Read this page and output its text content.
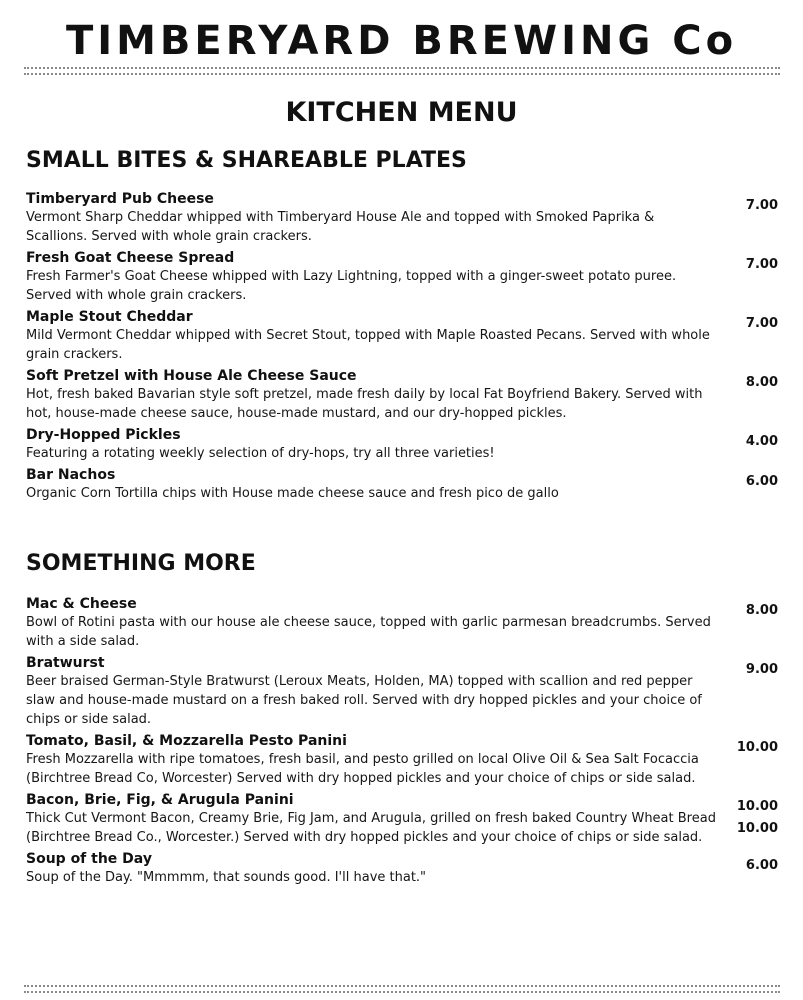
TIMBERYARD BREWING Co
KITCHEN MENU
SMALL BITES & SHAREABLE PLATES
Timberyard Pub Cheese
Vermont Sharp Cheddar whipped with Timberyard House Ale and topped with Smoked Paprika & Scallions. Served with whole grain crackers.
7.00
Fresh Goat Cheese Spread
Fresh Farmer's Goat Cheese whipped with Lazy Lightning, topped with a ginger-sweet potato puree. Served with whole grain crackers.
7.00
Maple Stout Cheddar
Mild Vermont Cheddar whipped with Secret Stout, topped with Maple Roasted Pecans. Served with whole grain crackers.
7.00
Soft Pretzel with House Ale Cheese Sauce
Hot, fresh baked Bavarian style soft pretzel, made fresh daily by local Fat Boyfriend Bakery. Served with hot, house-made cheese sauce, house-made mustard, and our dry-hopped pickles.
8.00
Dry-Hopped Pickles
Featuring a rotating weekly selection of dry-hops, try all three varieties!
4.00
Bar Nachos
Organic Corn Tortilla chips with House made cheese sauce and fresh pico de gallo
6.00
SOMETHING MORE
Mac & Cheese
Bowl of Rotini pasta with our house ale cheese sauce, topped with garlic parmesan breadcrumbs. Served with a side salad.
8.00
Bratwurst
Beer braised German-Style Bratwurst (Leroux Meats, Holden, MA) topped with scallion and red pepper slaw and house-made mustard on a fresh baked roll. Served with dry hopped pickles and your choice of chips or side salad.
9.00
Tomato, Basil, & Mozzarella Pesto Panini
Fresh Mozzarella with ripe tomatoes, fresh basil, and pesto grilled on local Olive Oil & Sea Salt Focaccia (Birchtree Bread Co, Worcester) Served with dry hopped pickles and your choice of chips or side salad.
10.00
Bacon, Brie, Fig, & Arugula Panini
Thick Cut Vermont Bacon, Creamy Brie, Fig Jam, and Arugula, grilled on fresh baked Country Wheat Bread (Birchtree Bread Co., Worcester.) Served with dry hopped pickles and your choice of chips or side salad.
10.00
10.00
Soup of the Day
Soup of the Day. "Mmmmm, that sounds good. I'll have that."
6.00
